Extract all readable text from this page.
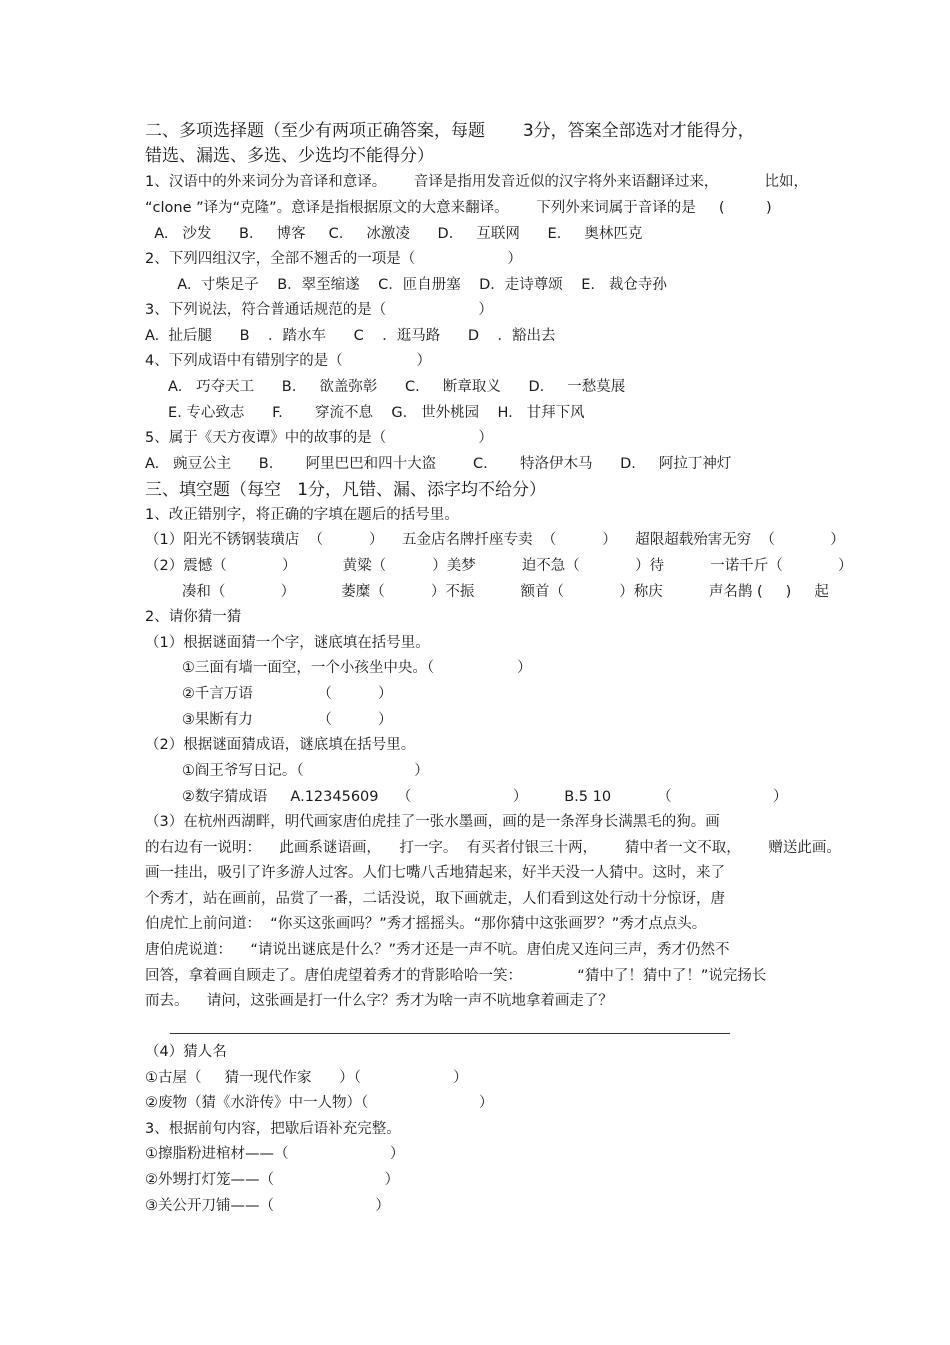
二、多项选择题（至少有两项正确答案，每题       3分，答案全部选对才能得分，
错选、漏选、多选、少选均不能得分）
1、汉语中的外来词分为音译和意译。      音译是指用发音近似的汉字将外来语翻译过来，          比如，
“clone ”译为“克隆”。意译是指根据原文的大意来翻译。      下列外来词属于音译的是     (         )
A.   沙发      B.     博客     C.     冰激凌      D.     互联网      E.     奥林匹克
2、下列四组汉字，全部不翘舌的一项是（                    ）
A.  寸柴足子    B．翠至缩遂    C．匝自册塞    D．走诗尊颂    E.   裁仓寺孙
3、下列说法，符合普通话规范的是（                    ）
A.  扯后腿      B    ．踏水车      C    ．逛马路      D    ．豁出去
4、下列成语中有错别字的是（                ）
A.   巧夺天工      B.     欲盖弥彰      C.     断章取义      D.     一愁莫展
E. 专心致志      F.       穿流不息    G.   世外桃园    H.   甘拜下风
5、属于《天方夜谭》中的故事的是（                    ）
A.   豌豆公主      B.       阿里巴巴和四十大盗        C.       特洛伊木马      D.     阿拉丁神灯
三、填空题（每空   1分，凡错、漏、添字均不给分）
1、改正错别字，将正确的字填在题后的括号里。
（1）阳光不锈钢装璜店  （          ）    五金店名牌扦座专卖  （          ）    超限超载殆害无穷  （            ）
（2）震憾（            ）          黄粱（          ）美梦          迫不急（            ）待          一诺千斤（            ）
凑和（            ）          萎糜（          ）不振          额首（            ）称庆          声名鹊 (     )     起
2、请你猜一猜
（1）根据谜面猜一个字，谜底填在括号里。
①三面有墙一面空，一个小孩坐中央。（                  ）
②千言万语              （          ）
③果断有力              （          ）
（2）根据谜面猜成语，谜底填在括号里。
①阎王爷写日记。（                        ）
②数字猜成语     A.12345609    （                      ）        B.5 10          （                      ）
（3）在杭州西湖畔，明代画家唐伯虎挂了一张水墨画，画的是一条浑身长满黑毛的狗。画
的右边有一说明：    此画系谜语画，    打一字。  有买者付银三十两，      猜中者一文不取，      赠送此画。
画一挂出，吸引了许多游人过客。人们七嘴八舌地猜起来，好半天没一人猜中。这时，来了
个秀才，站在画前，品赏了一番，二话没说，取下画就走，人们看到这处行动十分惊讶，唐
伯虎忙上前问道：  “你买这张画吗？”秀才摇摇头。“那你猜中这张画罗？”秀才点点头。
唐伯虎说道：    “请说出谜底是什么？”秀才还是一声不吭。唐伯虎又连问三声，秀才仍然不
回答，拿着画自顾走了。唐伯虎望着秀才的背影哈哈一笑：            “猜中了！猜中了！”说完扬长
而去。    请问，这张画是打一什么字？秀才为啥一声不吭地拿着画走了？
（4）猜人名
①古屋（     猜一现代作家      ）（                    ）
②废物（猜《水浒传》中一人物）（                        ）
3、根据前句内容，把歇后语补充完整。
①擦脂粉进棺材——（                      ）
②外甥打灯笼——（                        ）
③关公开刀铺——（                      ）
